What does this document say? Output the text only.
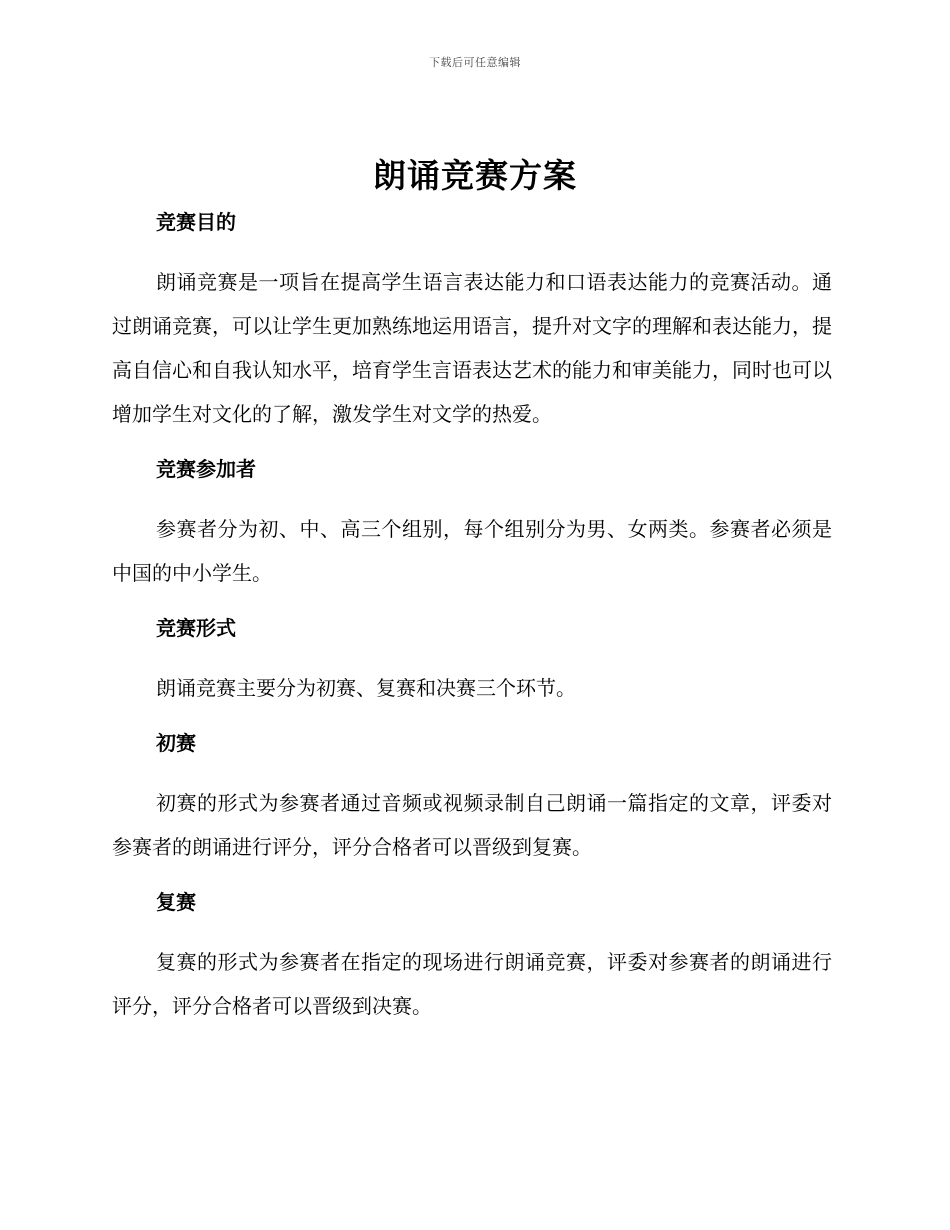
下载后可任意编辑
朗诵竞赛方案
竞赛目的

朗诵竞赛是一项旨在提高学生语言表达能力和口语表达能力的竞赛活动。通过朗诵竞赛，可以让学生更加熟练地运用语言，提升对文字的理解和表达能力，提高自信心和自我认知水平，培育学生言语表达艺术的能力和审美能力，同时也可以增加学生对文化的了解，激发学生对文学的热爱。

竞赛参加者

参赛者分为初、中、高三个组别，每个组别分为男、女两类。参赛者必须是中国的中小学生。

竞赛形式

朗诵竞赛主要分为初赛、复赛和决赛三个环节。

初赛

初赛的形式为参赛者通过音频或视频录制自己朗诵一篇指定的文章，评委对参赛者的朗诵进行评分，评分合格者可以晋级到复赛。

复赛

复赛的形式为参赛者在指定的现场进行朗诵竞赛，评委对参赛者的朗诵进行评分，评分合格者可以晋级到决赛。
